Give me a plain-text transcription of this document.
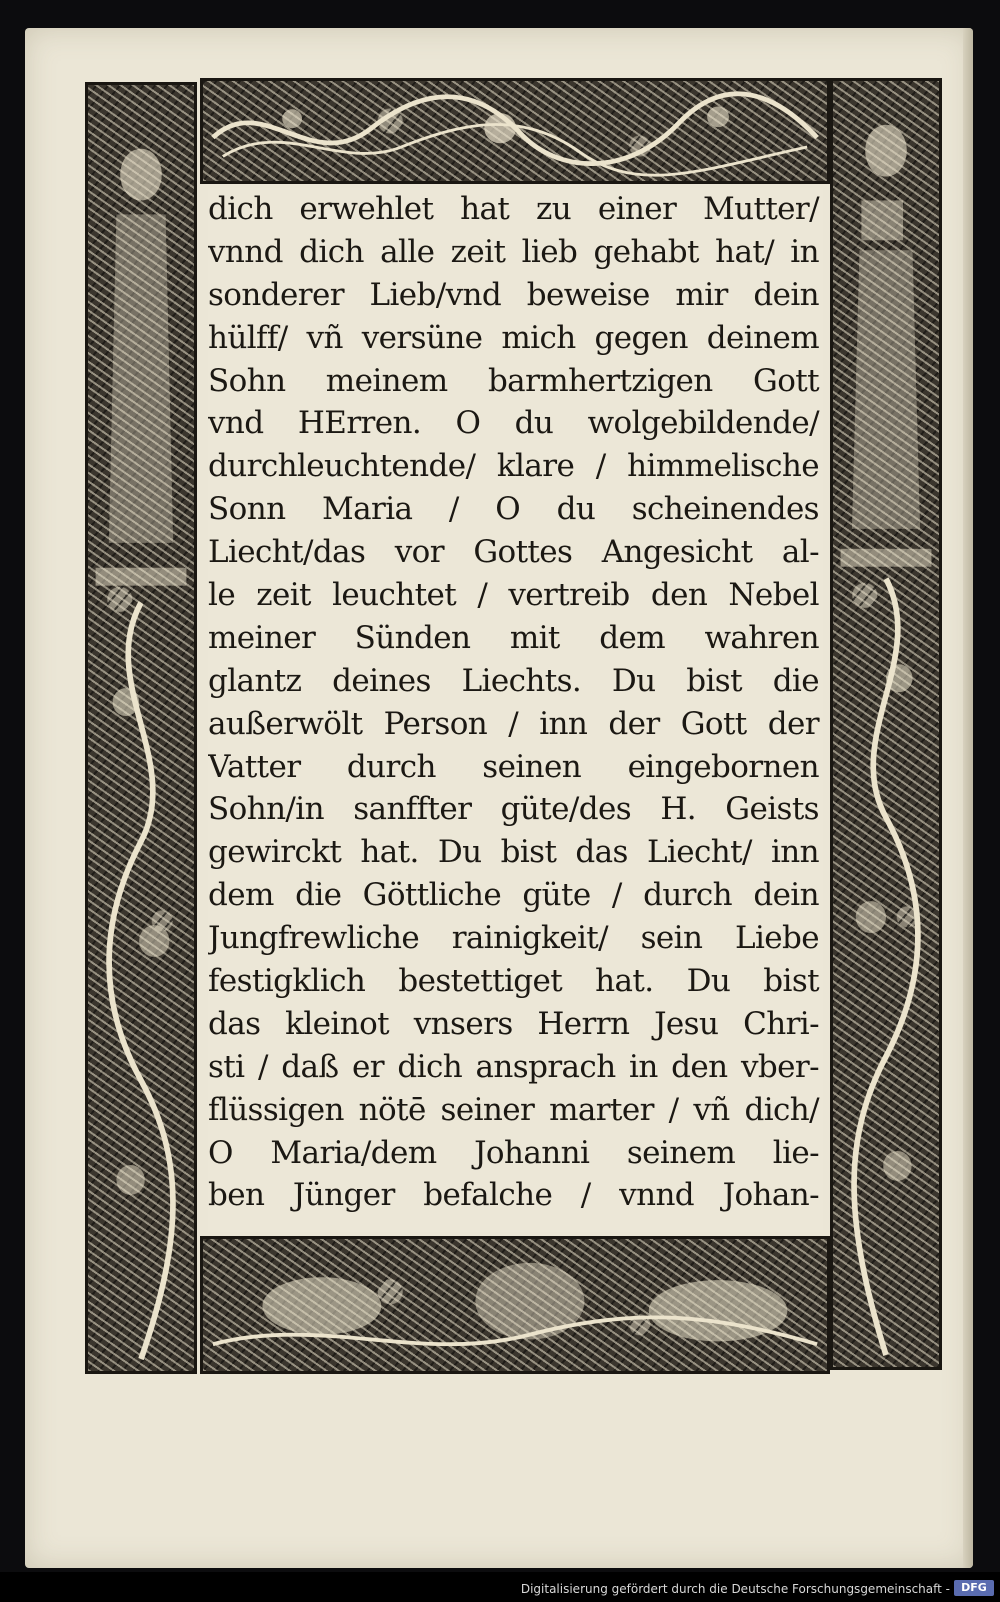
dich erwehlet hat zu einer Mutter/
vnnd dich alle zeit lieb gehabt hat/ in
sonderer Lieb/vnd beweise mir dein
hülff/ vñ versüne mich gegen deinem
Sohn meinem barmhertzigen Gott
vnd HErren. O du wolgebildende/
durchleuchtende/ klare / himmelische
Sonn Maria / O du scheinendes
Liecht/das vor Gottes Angesicht al-
le zeit leuchtet / vertreib den Nebel
meiner Sünden mit dem wahren
glantz deines Liechts. Du bist die
außerwölt Person / inn der Gott der
Vatter durch seinen eingebornen
Sohn/in sanffter güte/des H. Geists
gewirckt hat. Du bist das Liecht/ inn
dem die Göttliche güte / durch dein
Jungfrewliche rainigkeit/ sein Liebe
festigklich bestettiget hat. Du bist
das kleinot vnsers Herrn Jesu Chri-
sti / daß er dich ansprach in den vber-
flüssigen nötē seiner marter / vñ dich/
O Maria/dem Johanni seinem lie-
ben Jünger befalche / vnnd Johan-
Digitalisierung gefördert durch die Deutsche Forschungsgemeinschaft -	DFG
